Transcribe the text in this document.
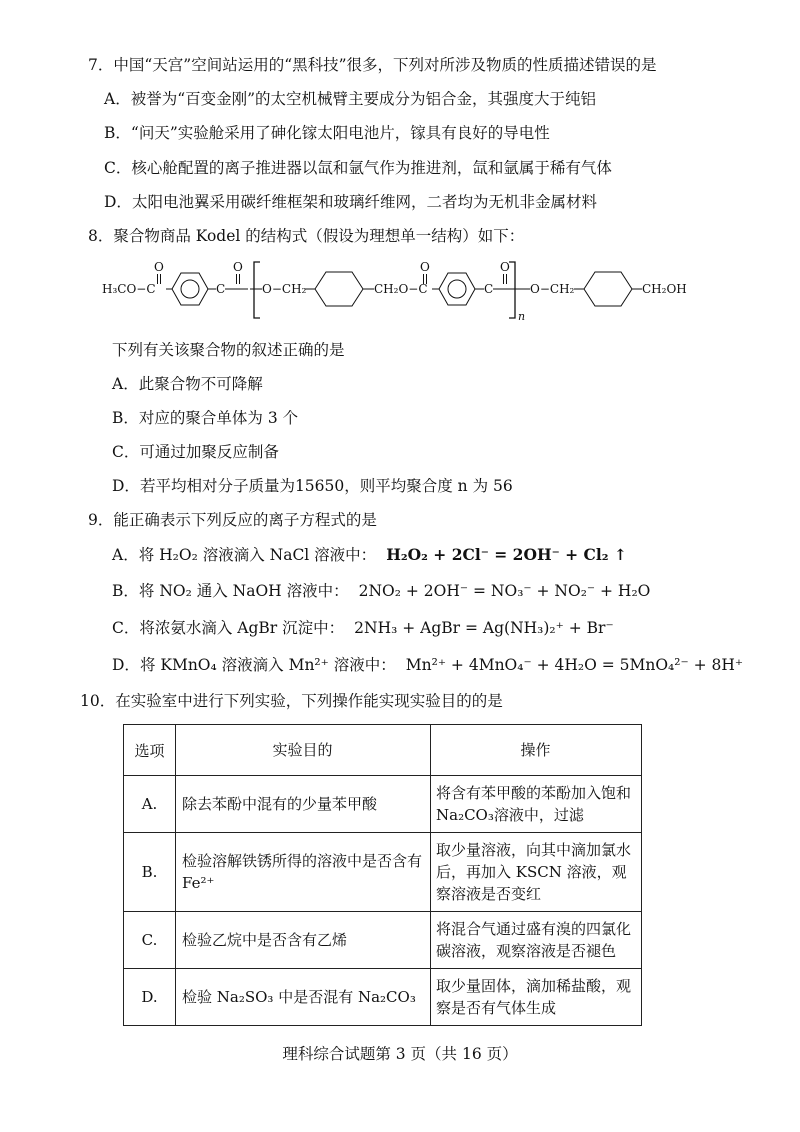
7．中国“天宫”空间站运用的“黑科技”很多，下列对所涉及物质的性质描述错误的是
A．被誉为“百变金刚”的太空机械臂主要成分为铝合金，其强度大于纯铝
B．“问天”实验舱采用了砷化镓太阳电池片，镓具有良好的导电性
C．核心舱配置的离子推进器以氙和氩气作为推进剂，氙和氩属于稀有气体
D．太阳电池翼采用碳纤维框架和玻璃纤维网，二者均为无机非金属材料
8．聚合物商品 Kodel 的结构式（假设为理想单一结构）如下：
H₃CO−C
O
C
O
O−CH₂	CH₂O−C
O
C
O
n
O−CH₂	CH₂OH
下列有关该聚合物的叙述正确的是
A．此聚合物不可降解
B．对应的聚合单体为 3 个
C．可通过加聚反应制备
D．若平均相对分子质量为15650，则平均聚合度 n 为 56
9．能正确表示下列反应的离子方程式的是
A．将 H₂O₂ 溶液滴入 NaCl 溶液中： H₂O₂ + 2Cl⁻ = 2OH⁻ + Cl₂ ↑
B．将 NO₂ 通入 NaOH 溶液中： 2NO₂ + 2OH⁻ = NO₃⁻ + NO₂⁻ + H₂O
C．将浓氨水滴入 AgBr 沉淀中： 2NH₃ + AgBr = Ag(NH₃)₂⁺ + Br⁻
D．将 KMnO₄ 溶液滴入 Mn²⁺ 溶液中： Mn²⁺ + 4MnO₄⁻ + 4H₂O = 5MnO₄²⁻ + 8H⁺
10．在实验室中进行下列实验，下列操作能实现实验目的的是
选项	实验目的	操作
A.	除去苯酚中混有的少量苯甲酸	将含有苯甲酸的苯酚加入饱和 Na₂CO₃溶液中，过滤
B.	检验溶解铁锈所得的溶液中是否含有 Fe²⁺	取少量溶液，向其中滴加氯水后，再加入 KSCN 溶液，观察溶液是否变红
C.	检验乙烷中是否含有乙烯	将混合气通过盛有溴的四氯化碳溶液，观察溶液是否褪色
D.	检验 Na₂SO₃ 中是否混有 Na₂CO₃	取少量固体，滴加稀盐酸，观察是否有气体生成
理科综合试题第 3 页（共 16 页）
